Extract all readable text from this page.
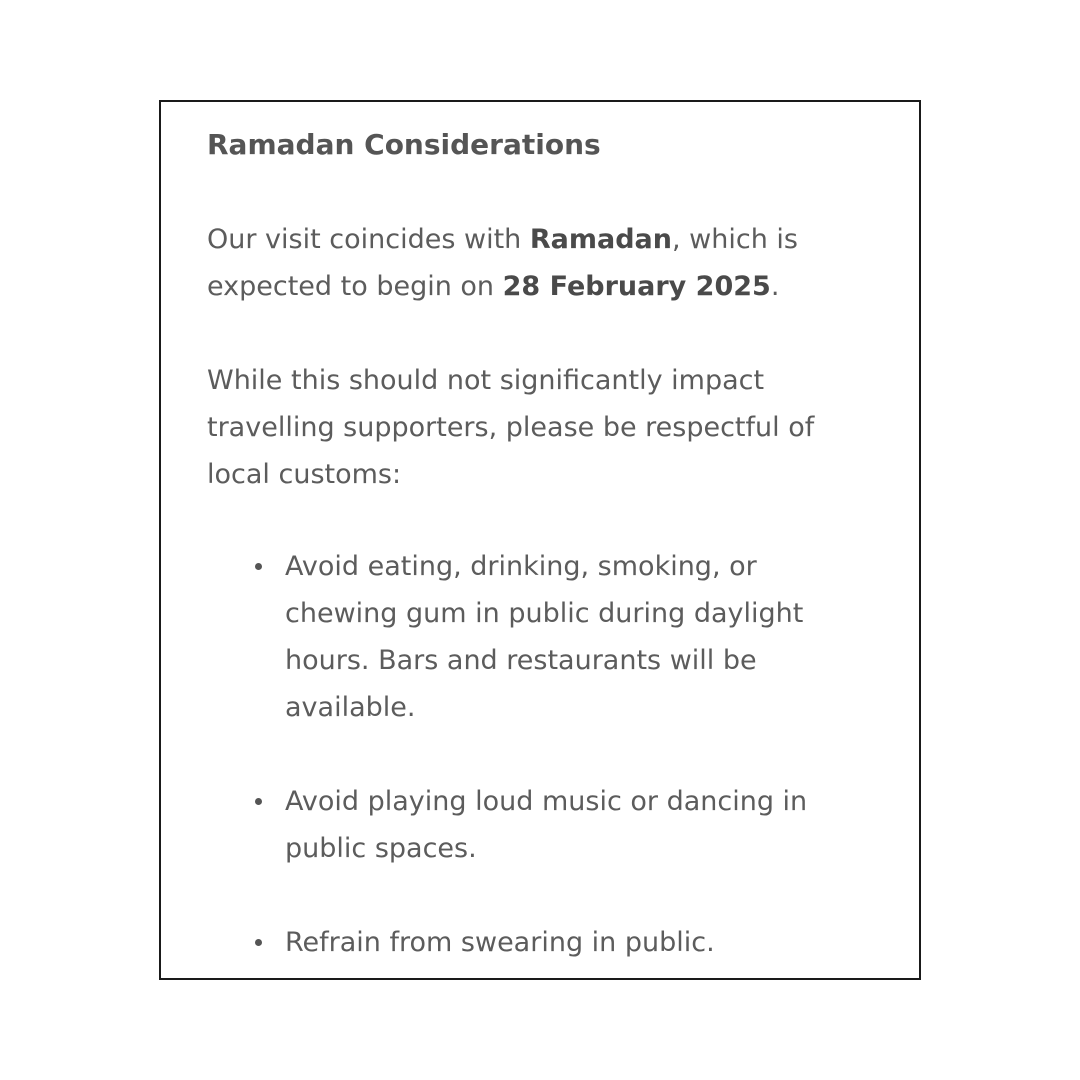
Ramadan Considerations

Our visit coincides with Ramadan, which is expected to begin on 28 February 2025.

While this should not significantly impact travelling supporters, please be respectful of local customs:

Avoid eating, drinking, smoking, or chewing gum in public during daylight hours. Bars and restaurants will be available.
Avoid playing loud music or dancing in public spaces.
Refrain from swearing in public.
